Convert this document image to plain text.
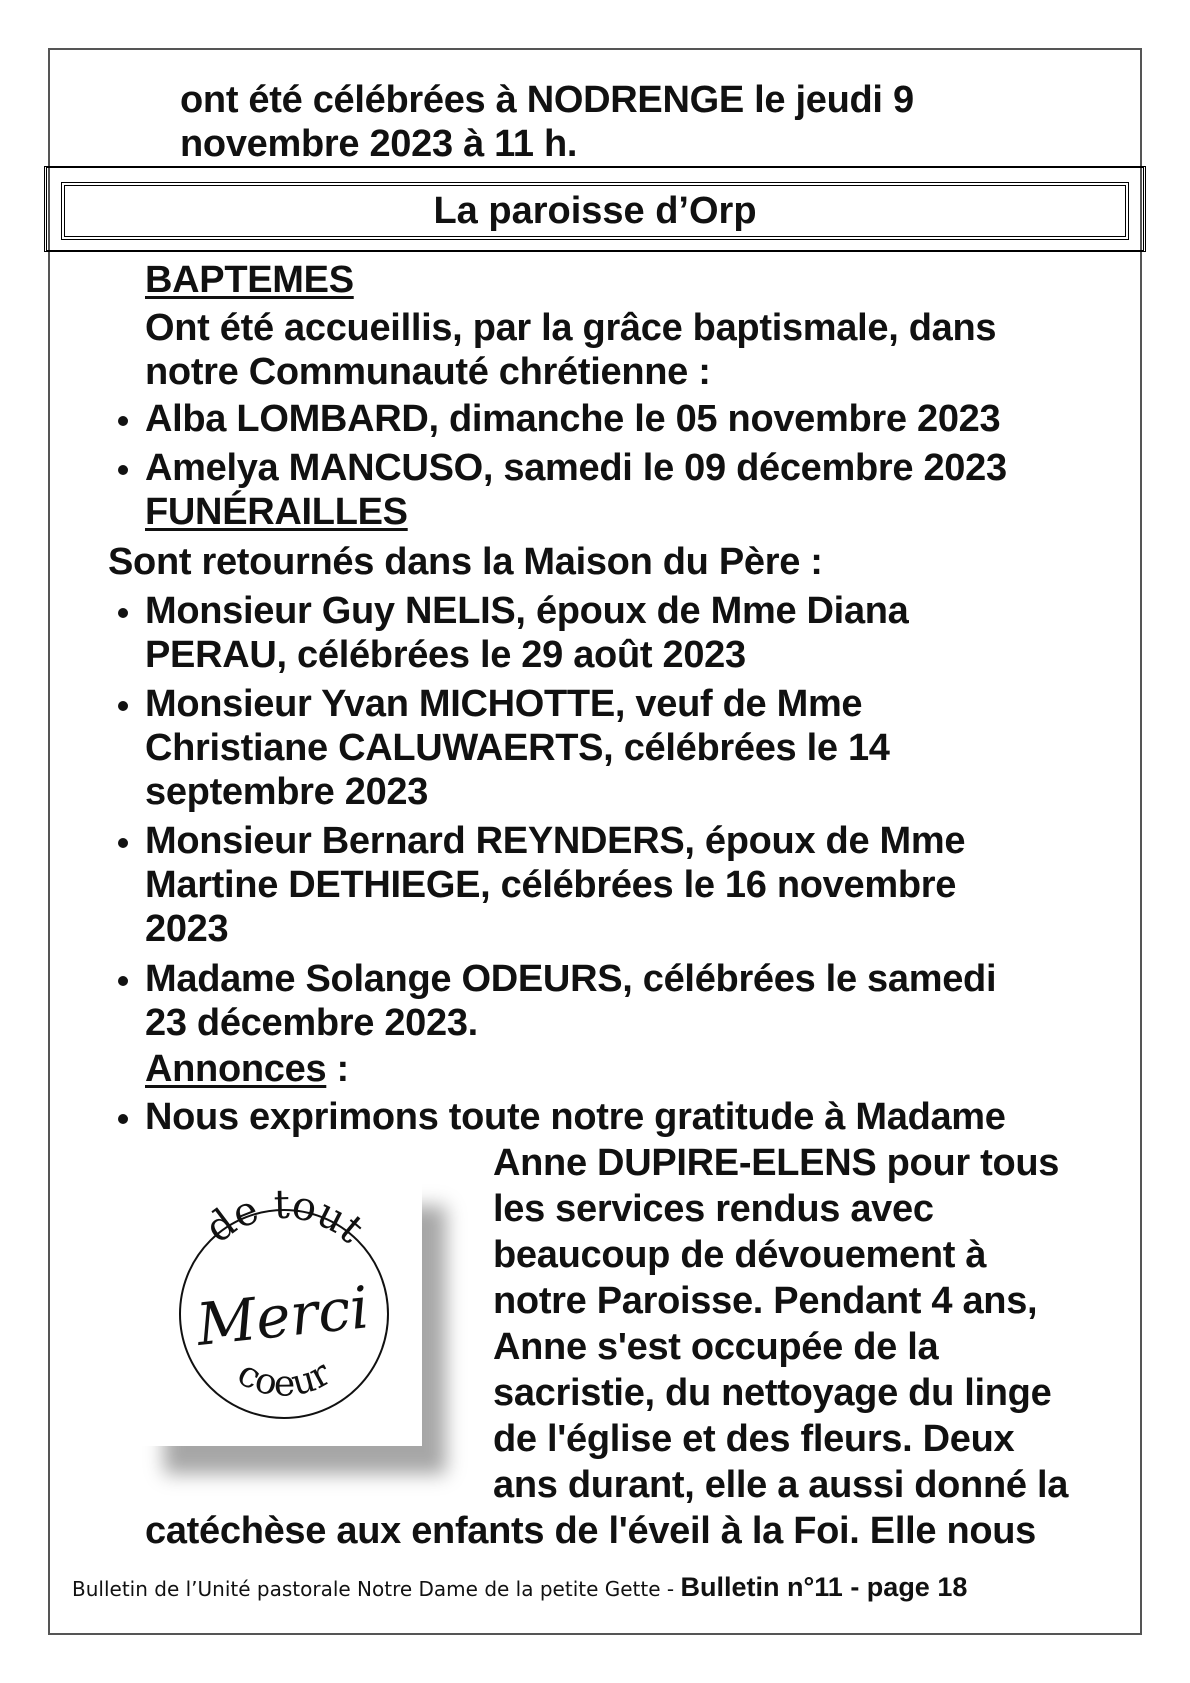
ont été célébrées à NODRENGE le jeudi 9
novembre 2023 à 11 h.
La paroisse d’Orp
BAPTEMES
Ont été accueillis, par la grâce baptismale, dans
notre Communauté chrétienne :
Alba LOMBARD, dimanche le 05 novembre 2023
Amelya MANCUSO, samedi le 09 décembre 2023
FUNÉRAILLES
Sont retournés dans la Maison du Père :
Monsieur Guy NELIS, époux de Mme Diana
PERAU, célébrées le 29 août 2023
Monsieur Yvan MICHOTTE, veuf de Mme
Christiane CALUWAERTS, célébrées le 14
septembre 2023
Monsieur Bernard REYNDERS, époux de Mme
Martine DETHIEGE, célébrées le 16 novembre
2023
Madame Solange ODEURS, célébrées le samedi
23 décembre 2023.
Annonces :
Nous exprimons toute notre gratitude à Madame
Anne DUPIRE-ELENS pour tous
les services rendus avec
beaucoup de dévouement à
notre Paroisse. Pendant 4 ans,
Anne s'est occupée de la
sacristie, du nettoyage du linge
de l'église et des fleurs. Deux
ans durant, elle a aussi donné la
catéchèse aux enfants de l'éveil à la Foi. Elle nous
de tout
Merci
coeur
Bulletin de l’Unité pastorale Notre Dame de la petite Gette - Bulletin n°11 - page 18
